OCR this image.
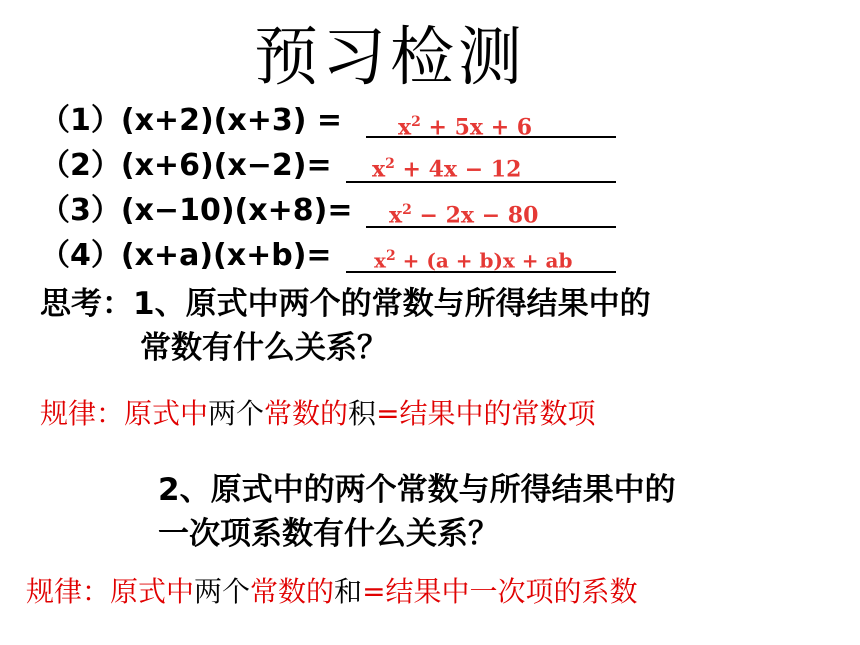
预习检测
（1）(x+2)(x+3) =	$x^2 + 5x + 6$
$(2)(x+6)(x-2)= x^2 + 4x - 12$
$(3)(x-10)(x+8)= x^2 - 2x - 80$
$(4)(x+a)(x+b)= x^2 + (a + b)x$ + ab
思考：1、原式中两个的常数与所得结果中的
常数有什么关系？
规律：原式中两个常数的积=结果中的常数项
2、原式中的两个常数与所得结果中的
一次项系数有什么关系？
规律：原式中两个常数的和=结果中一次项的系数
